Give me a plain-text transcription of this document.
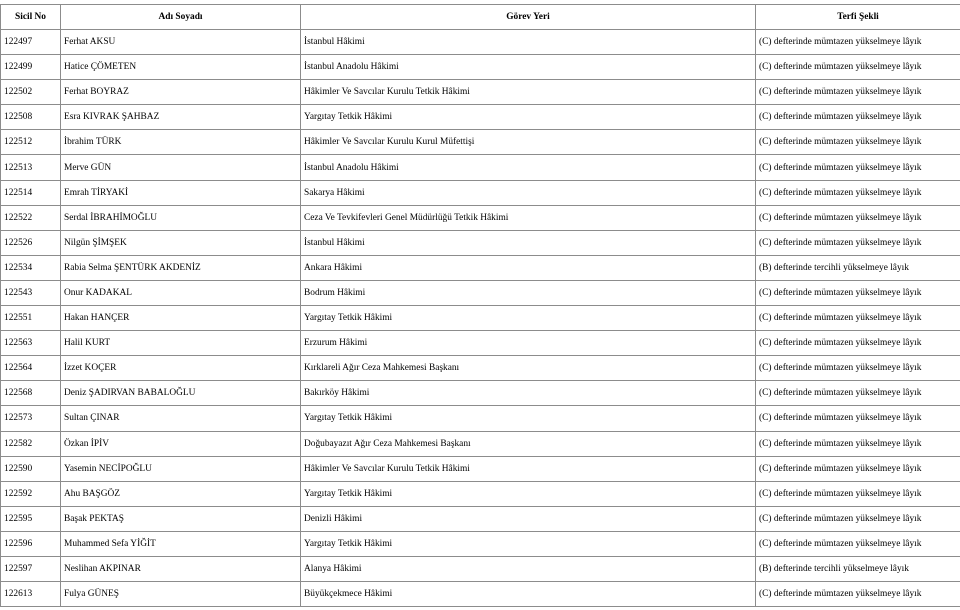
Sicil No	Adı Soyadı	Görev Yeri	Terfi Şekli
122497	Ferhat AKSU	İstanbul Hâkimi	(C) defterinde mümtazen yükselmeye lâyık
122499	Hatice ÇÖMETEN	İstanbul Anadolu Hâkimi	(C) defterinde mümtazen yükselmeye lâyık
122502	Ferhat BOYRAZ	Hâkimler Ve Savcılar Kurulu Tetkik Hâkimi	(C) defterinde mümtazen yükselmeye lâyık
122508	Esra KIVRAK ŞAHBAZ	Yargıtay Tetkik Hâkimi	(C) defterinde mümtazen yükselmeye lâyık
122512	İbrahim TÜRK	Hâkimler Ve Savcılar Kurulu Kurul Müfettişi	(C) defterinde mümtazen yükselmeye lâyık
122513	Merve GÜN	İstanbul Anadolu Hâkimi	(C) defterinde mümtazen yükselmeye lâyık
122514	Emrah TİRYAKİ	Sakarya Hâkimi	(C) defterinde mümtazen yükselmeye lâyık
122522	Serdal İBRAHİMOĞLU	Ceza Ve Tevkifevleri Genel Müdürlüğü Tetkik Hâkimi	(C) defterinde mümtazen yükselmeye lâyık
122526	Nilgün ŞİMŞEK	İstanbul Hâkimi	(C) defterinde mümtazen yükselmeye lâyık
122534	Rabia Selma ŞENTÜRK AKDENİZ	Ankara Hâkimi	(B) defterinde tercihli yükselmeye lâyık
122543	Onur KADAKAL	Bodrum Hâkimi	(C) defterinde mümtazen yükselmeye lâyık
122551	Hakan HANÇER	Yargıtay Tetkik Hâkimi	(C) defterinde mümtazen yükselmeye lâyık
122563	Halil KURT	Erzurum Hâkimi	(C) defterinde mümtazen yükselmeye lâyık
122564	İzzet KOÇER	Kırklareli Ağır Ceza Mahkemesi Başkanı	(C) defterinde mümtazen yükselmeye lâyık
122568	Deniz ŞADIRVAN BABALOĞLU	Bakırköy Hâkimi	(C) defterinde mümtazen yükselmeye lâyık
122573	Sultan ÇINAR	Yargıtay Tetkik Hâkimi	(C) defterinde mümtazen yükselmeye lâyık
122582	Özkan İPİV	Doğubayazıt Ağır Ceza Mahkemesi Başkanı	(C) defterinde mümtazen yükselmeye lâyık
122590	Yasemin NECİPOĞLU	Hâkimler Ve Savcılar Kurulu Tetkik Hâkimi	(C) defterinde mümtazen yükselmeye lâyık
122592	Ahu BAŞGÖZ	Yargıtay Tetkik Hâkimi	(C) defterinde mümtazen yükselmeye lâyık
122595	Başak PEKTAŞ	Denizli Hâkimi	(C) defterinde mümtazen yükselmeye lâyık
122596	Muhammed Sefa YİĞİT	Yargıtay Tetkik Hâkimi	(C) defterinde mümtazen yükselmeye lâyık
122597	Neslihan AKPINAR	Alanya Hâkimi	(B) defterinde tercihli yükselmeye lâyık
122613	Fulya GÜNEŞ	Büyükçekmece Hâkimi	(C) defterinde mümtazen yükselmeye lâyık
